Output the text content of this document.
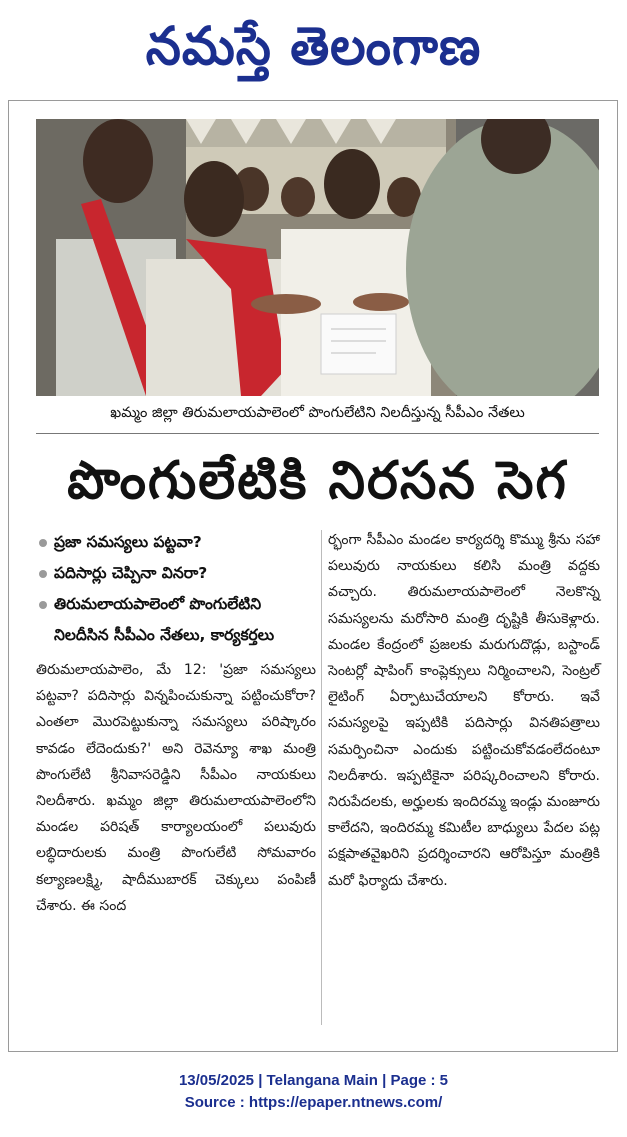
నమస్తే తెలంగాణ
ఖమ్మం జిల్లా తిరుమలాయపాలెంలో పొంగులేటిని నిలదీస్తున్న సీపీఎం నేతలు
పొంగులేటికి నిరసన సెగ
ప్రజా సమస్యలు పట్టవా?
పదిసార్లు చెప్పినా వినరా?
తిరుమలాయపాలెంలో పొంగులేటిని నిలదీసిన సీపీఎం నేతలు, కార్యకర్తలు

తిరుమలాయపాలెం, మే 12: 'ప్రజా సమస్యలు పట్టవా? పదిసార్లు విన్నపించుకున్నా పట్టించుకోరా? ఎంతలా మొరపెట్టుకున్నా సమస్యలు పరిష్కారం కావడం లేదెందుకు?' అని రెవెన్యూ శాఖ మంత్రి పొంగులేటి శ్రీనివాసరెడ్డిని సీపీఎం నాయకులు నిలదీశారు. ఖమ్మం జిల్లా తిరుమలాయపాలెంలోని మండల పరిషత్ కార్యాలయంలో పలువురు లబ్ధిదారులకు మంత్రి పొంగులేటి సోమవారం కల్యాణలక్ష్మి, షాదీముబారక్ చెక్కులు పంపిణీ చేశారు. ఈ సంద

ర్భంగా సీపీఎం మండల కార్యదర్శి కొమ్ము శ్రీను సహా పలువురు నాయకులు కలిసి మంత్రి వద్దకు వచ్చారు. తిరుమలాయపాలెంలో నెలకొన్న సమస్యలను మరోసారి మంత్రి దృష్టికి తీసుకెళ్లారు. మండల కేంద్రంలో ప్రజలకు మరుగుదొడ్లు, బస్టాండ్ సెంటర్లో షాపింగ్ కాంప్లెక్సులు నిర్మించాలని, సెంట్రల్ లైటింగ్ ఏర్పాటుచేయాలని కోరారు. ఇవే సమస్యలపై ఇప్పటికి పదిసార్లు వినతిపత్రాలు సమర్పించినా ఎందుకు పట్టించుకోవడంలేదంటూ నిలదీశారు. ఇప్పటికైనా పరిష్కరించాలని కోరారు. నిరుపేదలకు, అర్హులకు ఇందిరమ్మ ఇండ్లు మంజూరు కాలేదని, ఇందిరమ్మ కమిటీల బాధ్యులు పేదల పట్ల పక్షపాతవైఖరిని ప్రదర్శించారని ఆరోపిస్తూ మంత్రికి మరో ఫిర్యాదు చేశారు.

13/05/2025 | Telangana Main | Page : 5
Source : https://epaper.ntnews.com/
